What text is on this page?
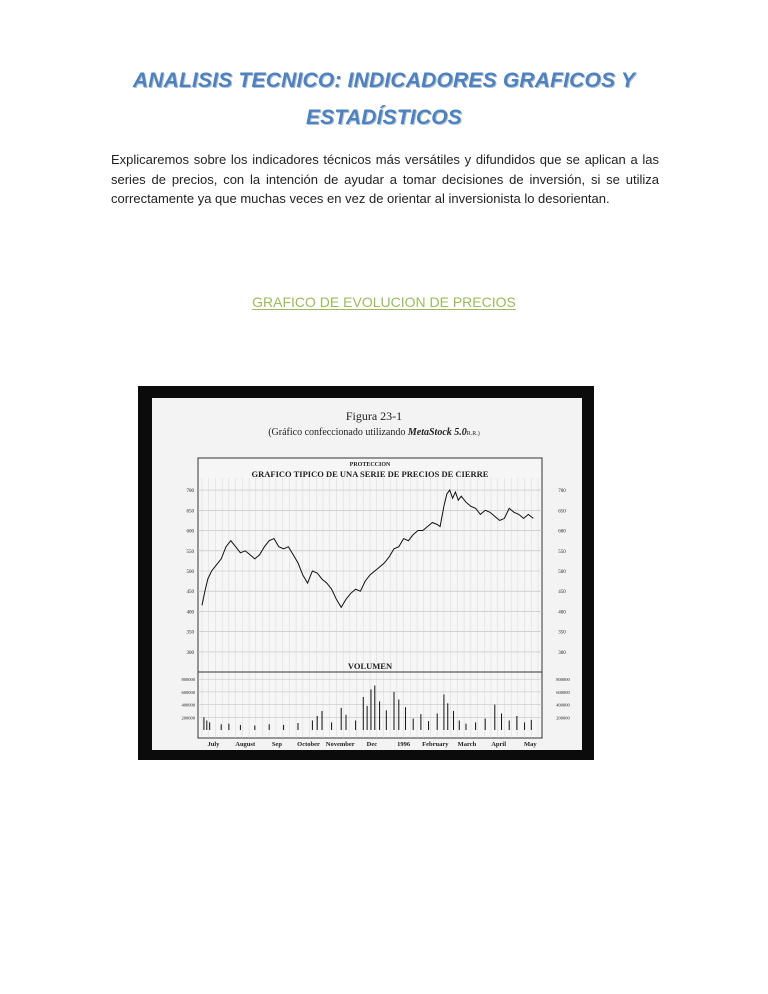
ANALISIS TECNICO: INDICADORES GRAFICOS Y
ESTADÍSTICOS

Explicaremos sobre los indicadores técnicos más versátiles y difundidos que se aplican a las series de precios, con la intención de ayudar a tomar decisiones de inversión, si se utiliza correctamente ya que muchas veces en vez de orientar al inversionista lo desorientan.

GRAFICO DE EVOLUCION DE PRECIOS
Figura 23-1
(Gráfico confeccionado utilizando MetaStock 5.0R.R.)
300	300
350	350
400	400
450	450
500	500
550	550
600	600
650	650
700	700
July August	Sep October November Dec	1996 February March April	May
PROTECCION
GRAFICO TIPICO DE UNA SERIE DE PRECIOS DE CIERRE
VOLUMEN
200000	200000
400000	400000
600000	600000
800000	800000
